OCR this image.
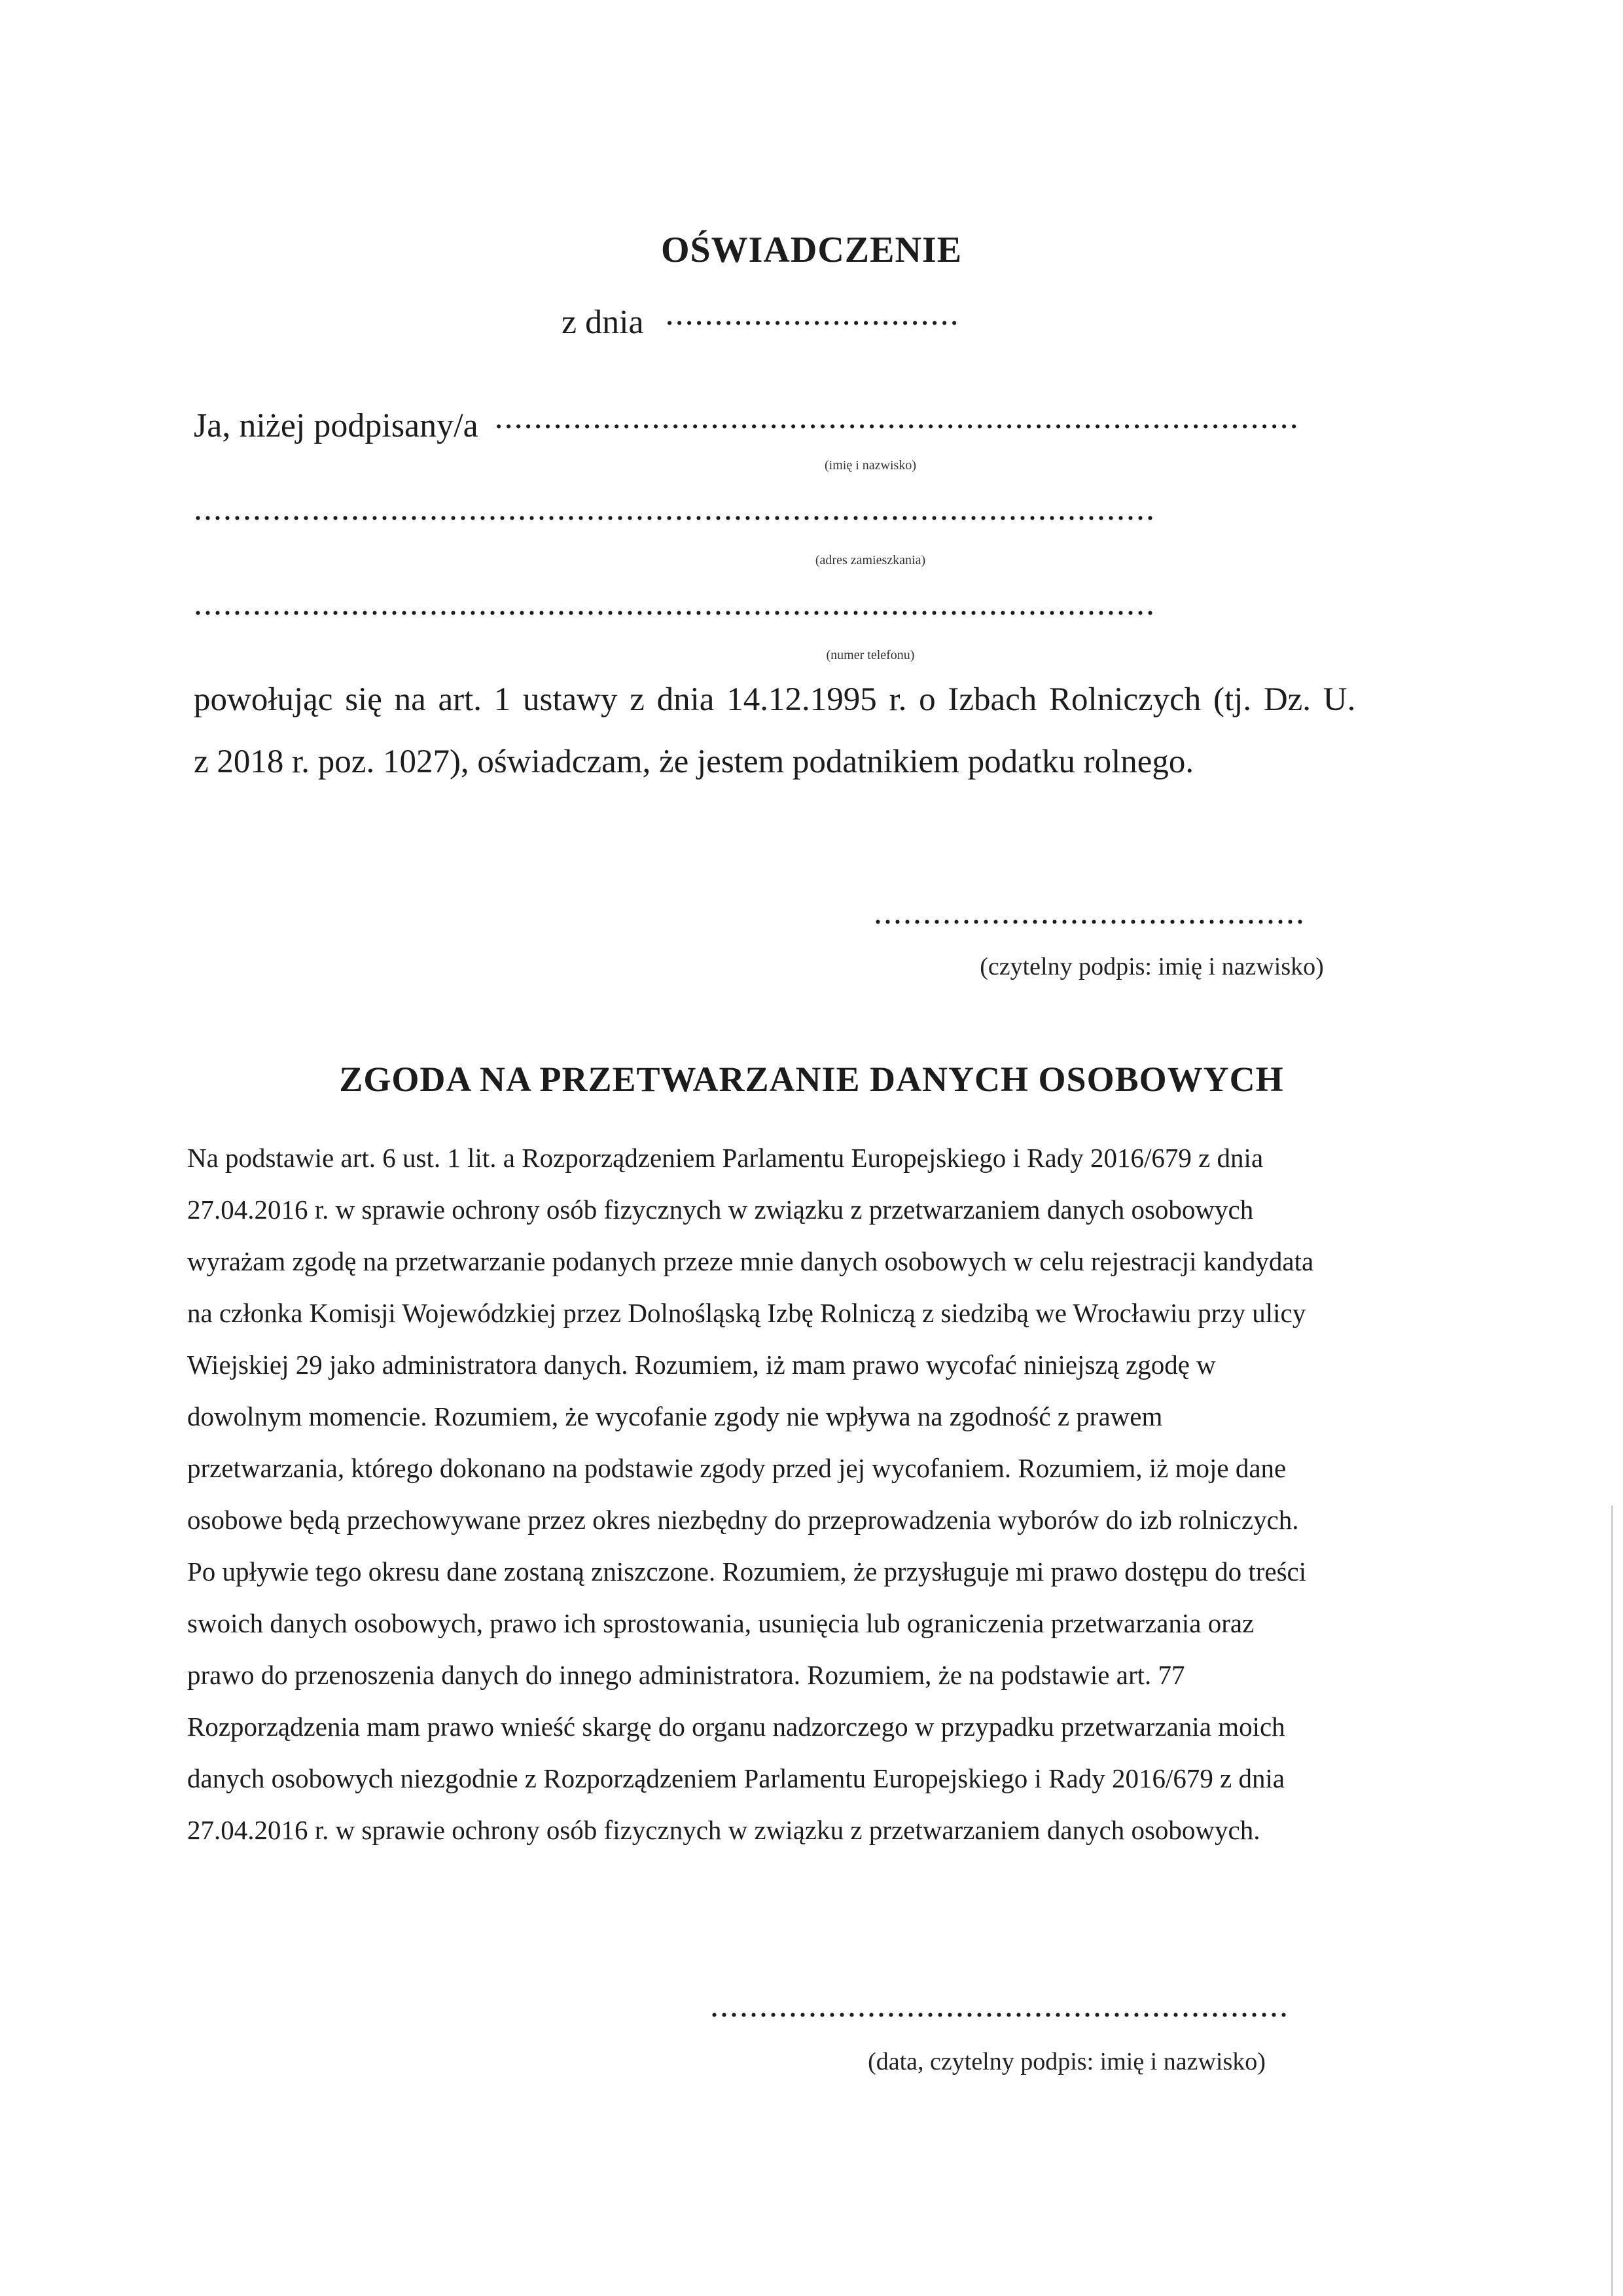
OŚWIADCZENIE
z dnia ..............................
Ja, niżej podpisany/a ..................................................................................
(imię i nazwisko)
..................................................................................................
(adres zamieszkania)
..................................................................................................
(numer telefonu)
powołując się na art. 1 ustawy z dnia 14.12.1995 r. o Izbach Rolniczych (tj. Dz. U.
z 2018 r. poz. 1027), oświadczam, że jestem podatnikiem podatku rolnego.
............................................
(czytelny podpis: imię i nazwisko)
ZGODA NA PRZETWARZANIE DANYCH OSOBOWYCH

Na podstawie art. 6 ust. 1 lit. a Rozporządzeniem Parlamentu Europejskiego i Rady 2016/679 z dnia

27.04.2016 r. w sprawie ochrony osób fizycznych w związku z przetwarzaniem danych osobowych

wyrażam zgodę na przetwarzanie podanych przeze mnie danych osobowych w celu rejestracji kandydata

na członka Komisji Wojewódzkiej przez Dolnośląską Izbę Rolniczą z siedzibą we Wrocławiu przy ulicy

Wiejskiej 29 jako administratora danych. Rozumiem, iż mam prawo wycofać niniejszą zgodę w

dowolnym momencie. Rozumiem, że wycofanie zgody nie wpływa na zgodność z prawem

przetwarzania, którego dokonano na podstawie zgody przed jej wycofaniem. Rozumiem, iż moje dane

osobowe będą przechowywane przez okres niezbędny do przeprowadzenia wyborów do izb rolniczych.

Po upływie tego okresu dane zostaną zniszczone. Rozumiem, że przysługuje mi prawo dostępu do treści

swoich danych osobowych, prawo ich sprostowania, usunięcia lub ograniczenia przetwarzania oraz

prawo do przenoszenia danych do innego administratora. Rozumiem, że na podstawie art. 77

Rozporządzenia mam prawo wnieść skargę do organu nadzorczego w przypadku przetwarzania moich

danych osobowych niezgodnie z Rozporządzeniem Parlamentu Europejskiego i Rady 2016/679 z dnia

27.04.2016 r. w sprawie ochrony osób fizycznych w związku z przetwarzaniem danych osobowych.

...........................................................
(data, czytelny podpis: imię i nazwisko)
